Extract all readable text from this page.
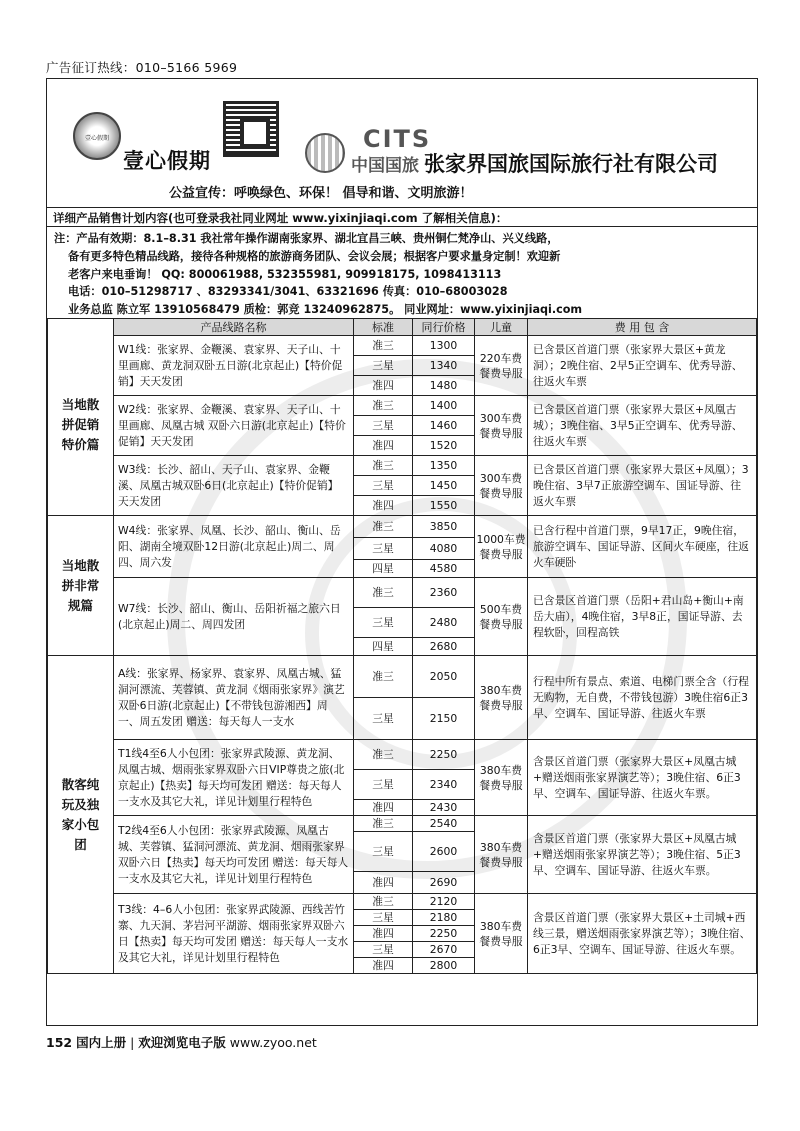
广告征订热线：010–5166 5969
壹心假期
壹心假期
CITS
中国国旅 张家界国旅国际旅行社有限公司
公益宣传：呼唤绿色、环保！ 倡导和谐、文明旅游！
详细产品销售计划内容(也可登录我社同业网址 www.yixinjiaqi.com 了解相关信息)：
注：产品有效期：8.1–8.31 我社常年操作湖南张家界、湖北宜昌三峡、贵州铜仁梵净山、兴义线路，
备有更多特色精品线路，接待各种规格的旅游商务团队、会议会展；根据客户要求量身定制！欢迎新
老客户来电垂询！ QQ: 800061988, 532355981, 909918175, 1098413113
电话：010–51298717 、83293341/3041、63321696 传真：010–68003028
业务总监 陈立军 13910568479 质检：郭竞 13240962875。 同业网址：www.yixinjiaqi.com
	产品线路名称	标准	同行价格	儿童	费 用 包 含
当地散拼促销特价篇	W1线：张家界、金鞭溪、袁家界、天子山、十里画廊、黄龙洞双卧五日游(北京起止)【特价促销】天天发团	准三	1300	220车费餐费导服	已含景区首道门票（张家界大景区+黄龙洞）；2晚住宿、2早5正空调车、优秀导游、往返火车票
		三星	1340		
		准四	1480		
	W2线：张家界、金鞭溪、袁家界、天子山、十里画廊、凤凰古城 双卧六日游(北京起止)【特价促销】天天发团	准三	1400	300车费餐费导服	已含景区首道门票（张家界大景区+凤凰古城）；3晚住宿、3早5正空调车、优秀导游、往返火车票
		三星	1460		
		准四	1520		
	W3线：长沙、韶山、天子山、袁家界、金鞭溪、凤凰古城双卧6日(北京起止)【特价促销】天天发团	准三	1350	300车费餐费导服	已含景区首道门票（张家界大景区+凤凰）；3晚住宿、3早7正旅游空调车、国证导游、往返火车票
		三星	1450		
		准四	1550		
当地散拼非常规篇	W4线：张家界、凤凰、长沙、韶山、衡山、岳阳、湖南全境双卧12日游(北京起止)周二、周四、周六发	准三	3850	1000车费餐费导服	已含行程中首道门票，9早17正，9晚住宿，旅游空调车、国证导游、区间火车硬座，往返火车硬卧
		三星	4080		
		四星	4580		
	W7线：长沙、韶山、衡山、岳阳祈福之旅六日(北京起止)周二、周四发团	准三	2360	500车费餐费导服	已含景区首道门票（岳阳+君山岛+衡山+南岳大庙），4晚住宿，3早8正，国证导游、去程软卧，回程高铁
		三星	2480		
		四星	2680		
散客纯玩及独家小包团	A线：张家界、杨家界、袁家界、凤凰古城、猛洞河漂流、芙蓉镇、黄龙洞《烟雨张家界》演艺双卧6日游(北京起止)【不带钱包游湘西】周一、周五发团 赠送：每天每人一支水	准三	2050	380车费餐费导服	行程中所有景点、索道、电梯门票全含（行程无购物，无自费，不带钱包游）3晚住宿6正3早、空调车、国证导游、往返火车票
		三星	2150		
	T1线4至6人小包团：张家界武陵源、黄龙洞、凤凰古城、烟雨张家界双卧六日VIP尊贵之旅(北京起止)【热卖】每天均可发团 赠送：每天每人一支水及其它大礼，详见计划里行程特色	准三	2250	380车费餐费导服	含景区首道门票（张家界大景区+凤凰古城+赠送烟雨张家界演艺等）；3晚住宿、6正3早、空调车、国证导游、往返火车票。
		三星	2340		
		准四	2430		
	T2线4至6人小包团：张家界武陵源、凤凰古城、芙蓉镇、猛洞河漂流、黄龙洞、烟雨张家界双卧六日【热卖】每天均可发团 赠送：每天每人一支水及其它大礼，详见计划里行程特色	准三	2540	380车费餐费导服	含景区首道门票（张家界大景区+凤凰古城+赠送烟雨张家界演艺等）；3晚住宿、5正3早、空调车、国证导游、往返火车票。
		三星	2600		
		准四	2690		
	T3线：4–6人小包团：张家界武陵源、西线苦竹寨、九天洞、茅岩河平湖游、烟雨张家界双卧六日【热卖】每天均可发团 赠送：每天每人一支水及其它大礼，详见计划里行程特色	准三	2120	380车费餐费导服	含景区首道门票（张家界大景区+土司城+西线三景，赠送烟雨张家界演艺等）；3晚住宿、6正3早、空调车、国证导游、往返火车票。
		三星	2180		
		准四	2250		
		三星	2670		
		准四	2800		
152 国内上册 | 欢迎浏览电子版 www.zyoo.net
